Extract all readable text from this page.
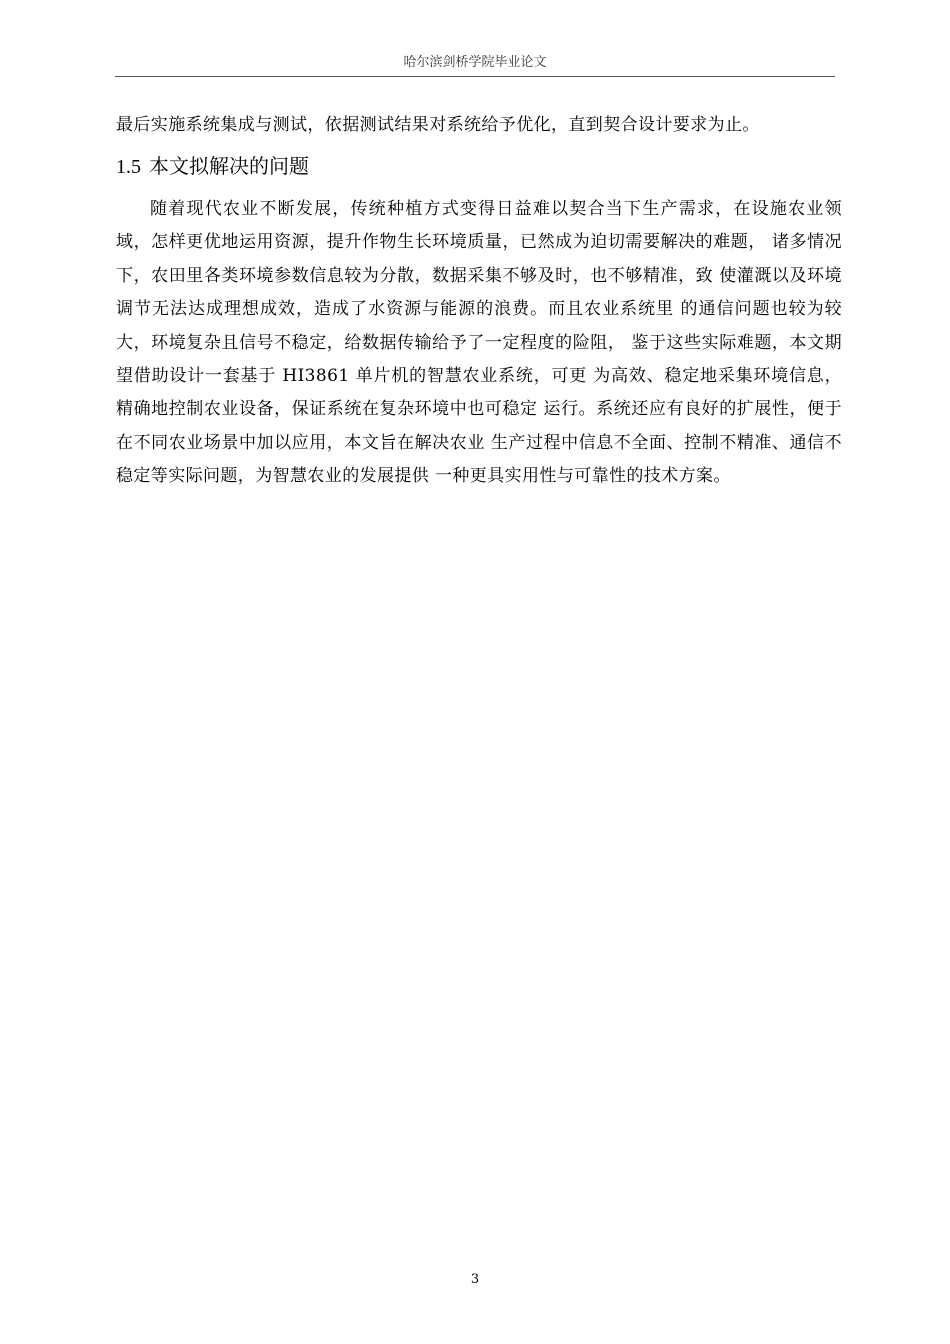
哈尔滨剑桥学院毕业论文

最后实施系统集成与测试，依据测试结果对系统给予优化，直到契合设计要求为止。

1.5 本文拟解决的问题

随着现代农业不断发展，传统种植方式变得日益难以契合当下生产需求，在设施农业领域，怎样更优地运用资源，提升作物生长环境质量，已然成为迫切需要解决的难题， 诸多情况下，农田里各类环境参数信息较为分散，数据采集不够及时，也不够精准，致 使灌溉以及环境调节无法达成理想成效，造成了水资源与能源的浪费。而且农业系统里 的通信问题也较为较大，环境复杂且信号不稳定，给数据传输给予了一定程度的险阻， 鉴于这些实际难题，本文期望借助设计一套基于 HI3861 单片机的智慧农业系统，可更 为高效、稳定地采集环境信息，精确地控制农业设备，保证系统在复杂环境中也可稳定 运行。系统还应有良好的扩展性，便于在不同农业场景中加以应用，本文旨在解决农业 生产过程中信息不全面、控制不精准、通信不稳定等实际问题，为智慧农业的发展提供 一种更具实用性与可靠性的技术方案。

3
